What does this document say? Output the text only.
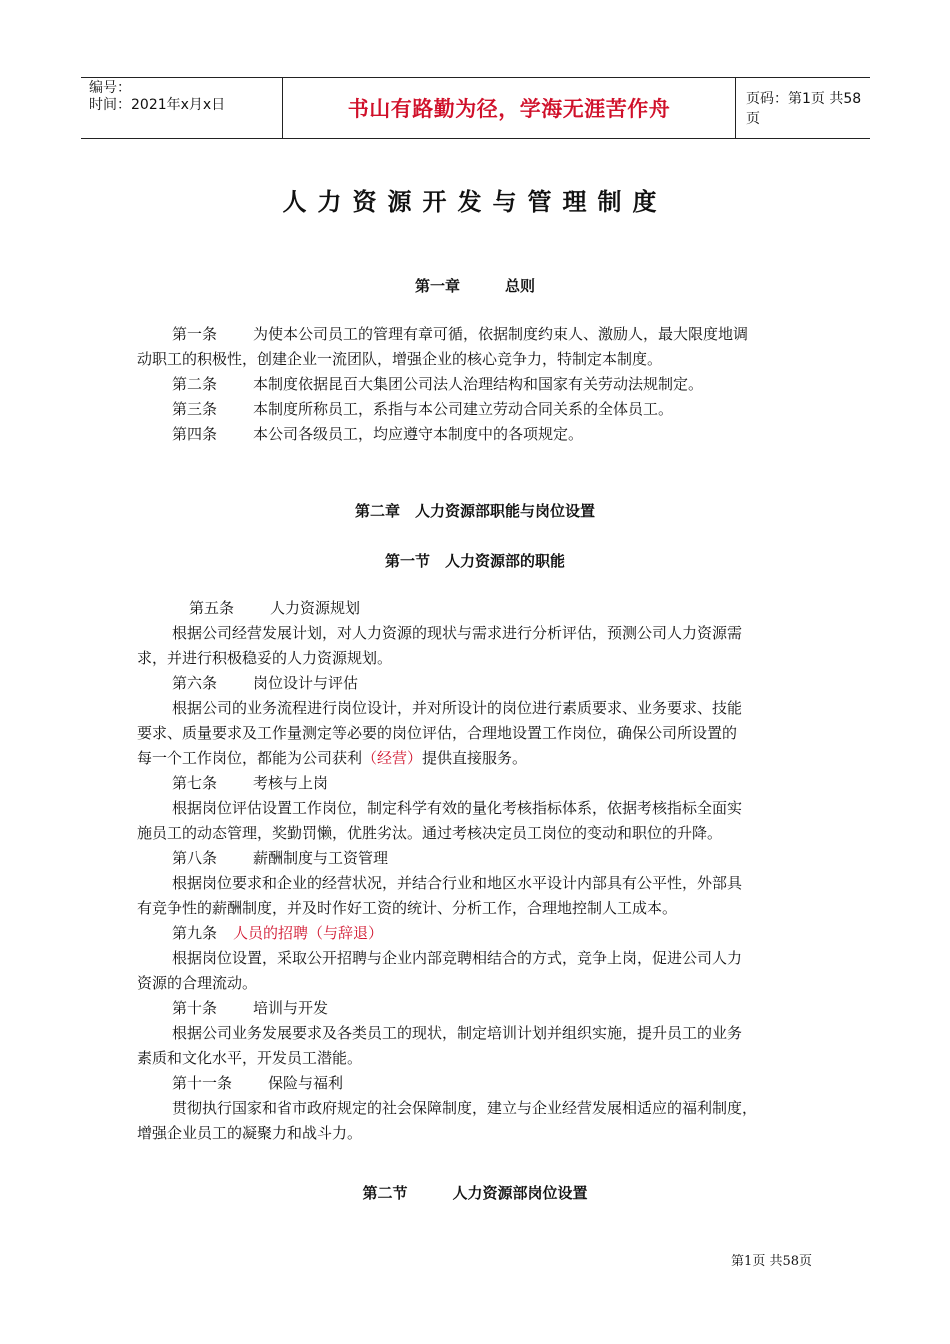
编号：
时间：2021年x月x日	书山有路勤为径，学海无涯苦作舟	页码：第1页 共58页
人力资源开发与管理制度
第一章　　　总则
第一条 为使本公司员工的管理有章可循，依据制度约束人、激励人，最大限度地调
动职工的积极性，创建企业一流团队，增强企业的核心竞争力，特制定本制度。
第二条 本制度依据昆百大集团公司法人治理结构和国家有关劳动法规制定。
第三条 本制度所称员工，系指与本公司建立劳动合同关系的全体员工。
第四条 本公司各级员工，均应遵守本制度中的各项规定。
第二章　人力资源部职能与岗位设置
第一节　人力资源部的职能
第五条 人力资源规划
根据公司经营发展计划，对人力资源的现状与需求进行分析评估，预测公司人力资源需
求，并进行积极稳妥的人力资源规划。
第六条 岗位设计与评估
根据公司的业务流程进行岗位设计，并对所设计的岗位进行素质要求、业务要求、技能
要求、质量要求及工作量测定等必要的岗位评估，合理地设置工作岗位，确保公司所设置的
每一个工作岗位，都能为公司获利（经营）提供直接服务。
第七条 考核与上岗
根据岗位评估设置工作岗位，制定科学有效的量化考核指标体系，依据考核指标全面实
施员工的动态管理，奖勤罚懒，优胜劣汰。通过考核决定员工岗位的变动和职位的升降。
第八条 薪酬制度与工资管理
根据岗位要求和企业的经营状况，并结合行业和地区水平设计内部具有公平性，外部具
有竞争性的薪酬制度，并及时作好工资的统计、分析工作，合理地控制人工成本。
第九条 人员的招聘（与辞退）
根据岗位设置，采取公开招聘与企业内部竞聘相结合的方式，竞争上岗，促进公司人力
资源的合理流动。
第十条 培训与开发
根据公司业务发展要求及各类员工的现状，制定培训计划并组织实施，提升员工的业务
素质和文化水平，开发员工潜能。
第十一条 保险与福利
贯彻执行国家和省市政府规定的社会保障制度，建立与企业经营发展相适应的福利制度，
增强企业员工的凝聚力和战斗力。
第二节　　　人力资源部岗位设置
第1页 共58页
